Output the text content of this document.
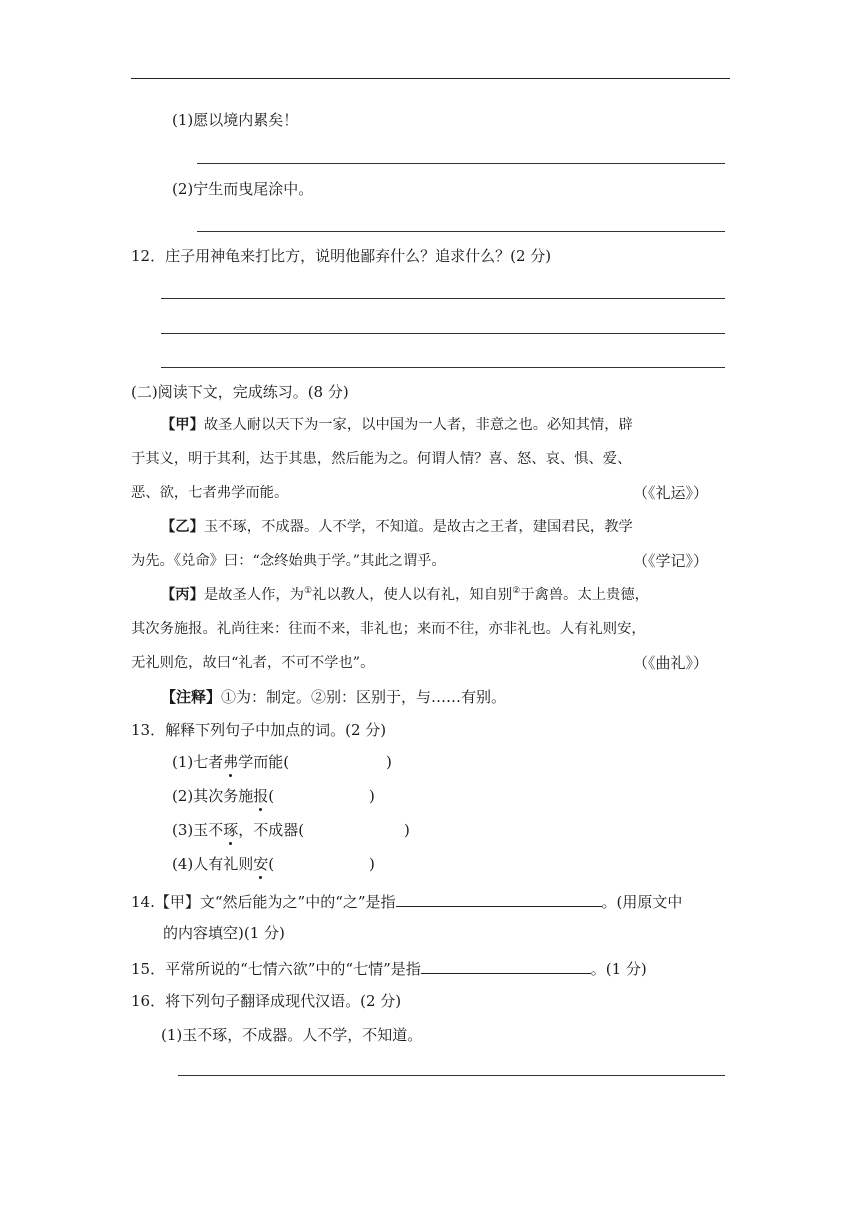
(1)愿以境内累矣！
(2)宁生而曳尾涂中。
12．庄子用神龟来打比方，说明他鄙弃什么？追求什么？(2 分)
(二)阅读下文，完成练习。(8 分)
【甲】故圣人耐以天下为一家，以中国为一人者，非意之也。必知其情，辟
于其义，明于其利，达于其患，然后能为之。何谓人情？喜、怒、哀、惧、爱、
恶、欲，七者弗学而能。	（《礼运》）
【乙】玉不琢，不成器。人不学，不知道。是故古之王者，建国君民，教学
为先。《兑命》曰：“念终始典于学。”其此之谓乎。	（《学记》）
【丙】是故圣人作，为①礼以教人，使人以有礼，知自别②于禽兽。太上贵德，
其次务施报。礼尚往来：往而不来，非礼也；来而不往，亦非礼也。人有礼则安，
无礼则危，故曰“礼者，不可不学也”。	（《曲礼》）
【注释】①为：制定。②别：区别于，与……有别。
13．解释下列句子中加点的词。(2 分)
(1)七者弗学而能(	)
(2)其次务施报(	)
(3)玉不琢，不成器(	)
(4)人有礼则安(	)
14.【甲】文“然后能为之”中的“之”是指	。(用原文中
的内容填空)(1 分)
15．平常所说的“七情六欲”中的“七情”是指	。(1 分)
16．将下列句子翻译成现代汉语。(2 分)
(1)玉不琢，不成器。人不学，不知道。
